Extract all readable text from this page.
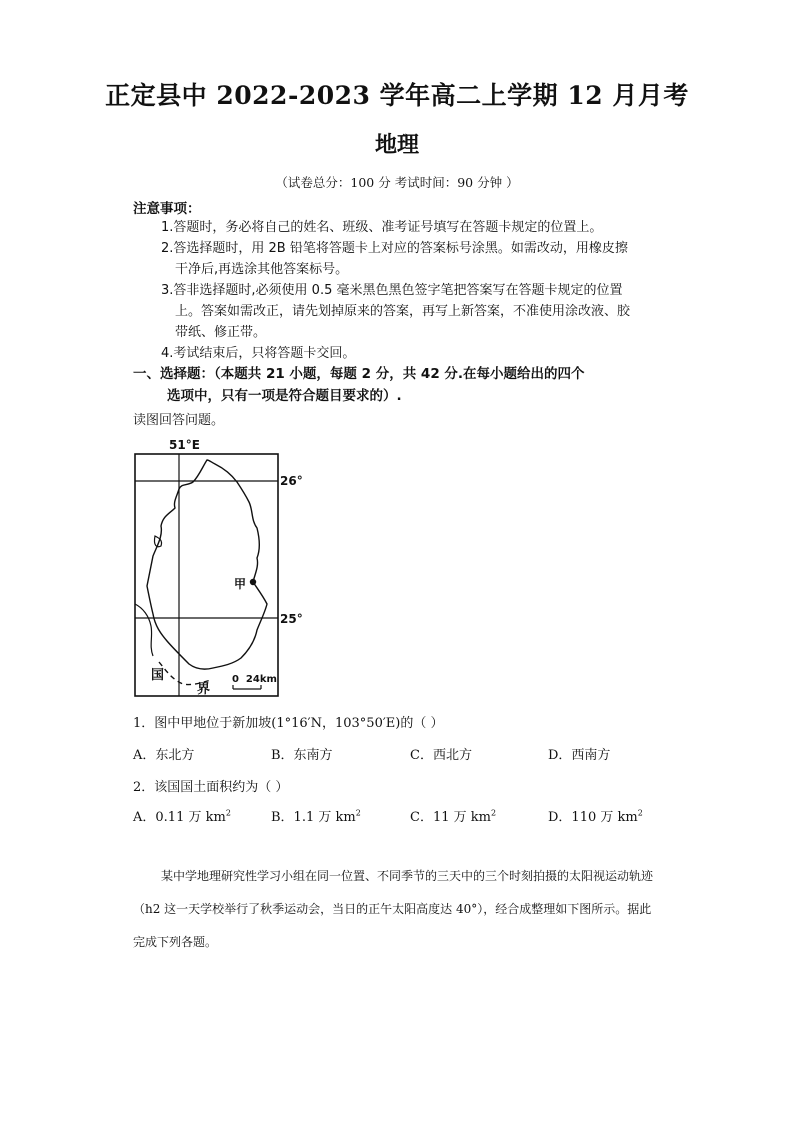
正定县中 2022-2023 学年高二上学期 12 月月考
地理
（试卷总分：100 分 考试时间：90 分钟 ）
注意事项：
1.答题时，务必将自己的姓名、班级、准考证号填写在答题卡规定的位置上。
2.答选择题时，用 2B 铅笔将答题卡上对应的答案标号涂黑。如需改动，用橡皮擦
干净后,再选涂其他答案标号。
3.答非选择题时,必须使用 0.5 毫米黑色黑色签字笔把答案写在答题卡规定的位置
上。答案如需改正，请先划掉原来的答案，再写上新答案，不准使用涂改液、胶
带纸、修正带。
4.考试结束后，只将答题卡交回。
一、选择题：（本题共 21 小题，每题 2 分，共 42 分.在每小题给出的四个
选项中，只有一项是符合题目要求的）.
读图回答问题。
51°E
26°
25°
甲
国
界
0  24km
1．图中甲地位于新加坡(1°16′N，103°50′E)的（ ）
A．东北方	B．东南方	C．西北方	D．西南方
2．该国国土面积约为（ ）
A．0.11 万 $km^2$	B．1.1 万 $km^2$	C．11 万 $km^2$	D．110 万 $km^2$
某中学地理研究性学习小组在同一位置、不同季节的三天中的三个时刻拍摄的太阳视运动轨迹（h2 这一天学校举行了秋季运动会，当日的正午太阳高度达 40°），经合成整理如下图所示。据此完成下列各题。
